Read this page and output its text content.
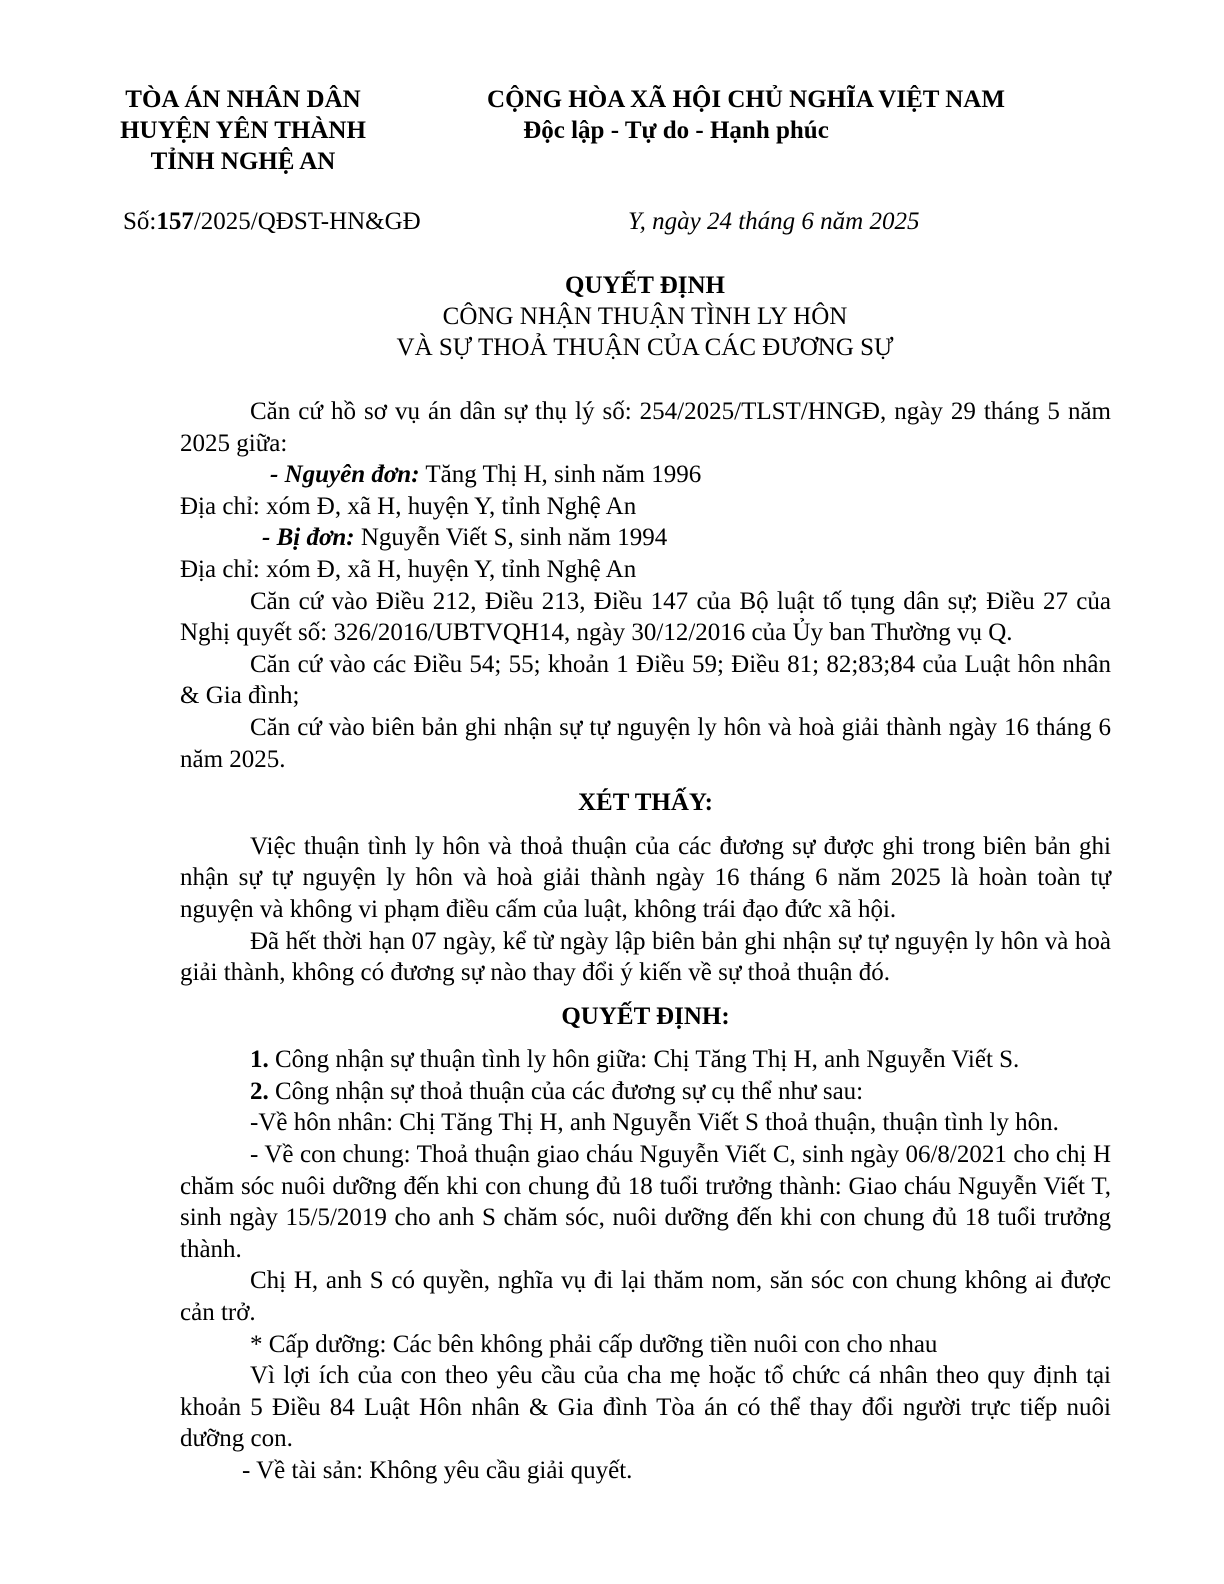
TÒA ÁN NHÂN DÂN
HUYỆN YÊN THÀNH
TỈNH NGHỆ AN
CỘNG HÒA XÃ HỘI CHỦ NGHĨA VIỆT NAM
Độc lập - Tự do - Hạnh phúc
Số:157/2025/QĐST-HN&GĐ	Y, ngày 24 tháng 6 năm 2025
QUYẾT ĐỊNH
CÔNG NHẬN THUẬN TÌNH LY HÔN
VÀ SỰ THOẢ THUẬN CỦA CÁC ĐƯƠNG SỰ

Căn cứ hồ sơ vụ án dân sự thụ lý số: 254/2025/TLST/HNGĐ, ngày 29 tháng 5 năm 2025 giữa:

- Nguyên đơn: Tăng Thị H, sinh năm 1996

Địa chỉ: xóm Đ, xã H, huyện Y, tỉnh Nghệ An

- Bị đơn: Nguyễn Viết S, sinh năm 1994

Địa chỉ: xóm Đ, xã H, huyện Y, tỉnh Nghệ An

Căn cứ vào Điều 212, Điều 213, Điều 147 của Bộ luật tố tụng dân sự; Điều 27 của Nghị quyết số: 326/2016/UBTVQH14, ngày 30/12/2016 của Ủy ban Thường vụ Q.

Căn cứ vào các Điều 54; 55; khoản 1 Điều 59; Điều 81; 82;83;84 của Luật hôn nhân & Gia đình;

Căn cứ vào biên bản ghi nhận sự tự nguyện ly hôn và hoà giải thành ngày 16 tháng 6 năm 2025.

XÉT THẤY:

Việc thuận tình ly hôn và thoả thuận của các đương sự được ghi trong biên bản ghi nhận sự tự nguyện ly hôn và hoà giải thành ngày 16 tháng 6 năm 2025 là hoàn toàn tự nguyện và không vi phạm điều cấm của luật, không trái đạo đức xã hội.

Đã hết thời hạn 07 ngày, kể từ ngày lập biên bản ghi nhận sự tự nguyện ly hôn và hoà giải thành, không có đương sự nào thay đổi ý kiến về sự thoả thuận đó.

QUYẾT ĐỊNH:

1. Công nhận sự thuận tình ly hôn giữa: Chị Tăng Thị H, anh Nguyễn Viết S.

2. Công nhận sự thoả thuận của các đương sự cụ thể như sau:

-Về hôn nhân: Chị Tăng Thị H, anh Nguyễn Viết S thoả thuận, thuận tình ly hôn.

- Về con chung: Thoả thuận giao cháu Nguyễn Viết C, sinh ngày 06/8/2021 cho chị H chăm sóc nuôi dưỡng đến khi con chung đủ 18 tuổi trưởng thành: Giao cháu Nguyễn Viết T, sinh ngày 15/5/2019 cho anh S chăm sóc, nuôi dưỡng đến khi con chung đủ 18 tuổi trưởng thành.

Chị H, anh S có quyền, nghĩa vụ đi lại thăm nom, săn sóc con chung không ai được cản trở.

* Cấp dưỡng: Các bên không phải cấp dưỡng tiền nuôi con cho nhau

Vì lợi ích của con theo yêu cầu của cha mẹ hoặc tổ chức cá nhân theo quy định tại khoản 5 Điều 84 Luật Hôn nhân & Gia đình Tòa án có thể thay đổi người trực tiếp nuôi dưỡng con.

- Về tài sản: Không yêu cầu giải quyết.
